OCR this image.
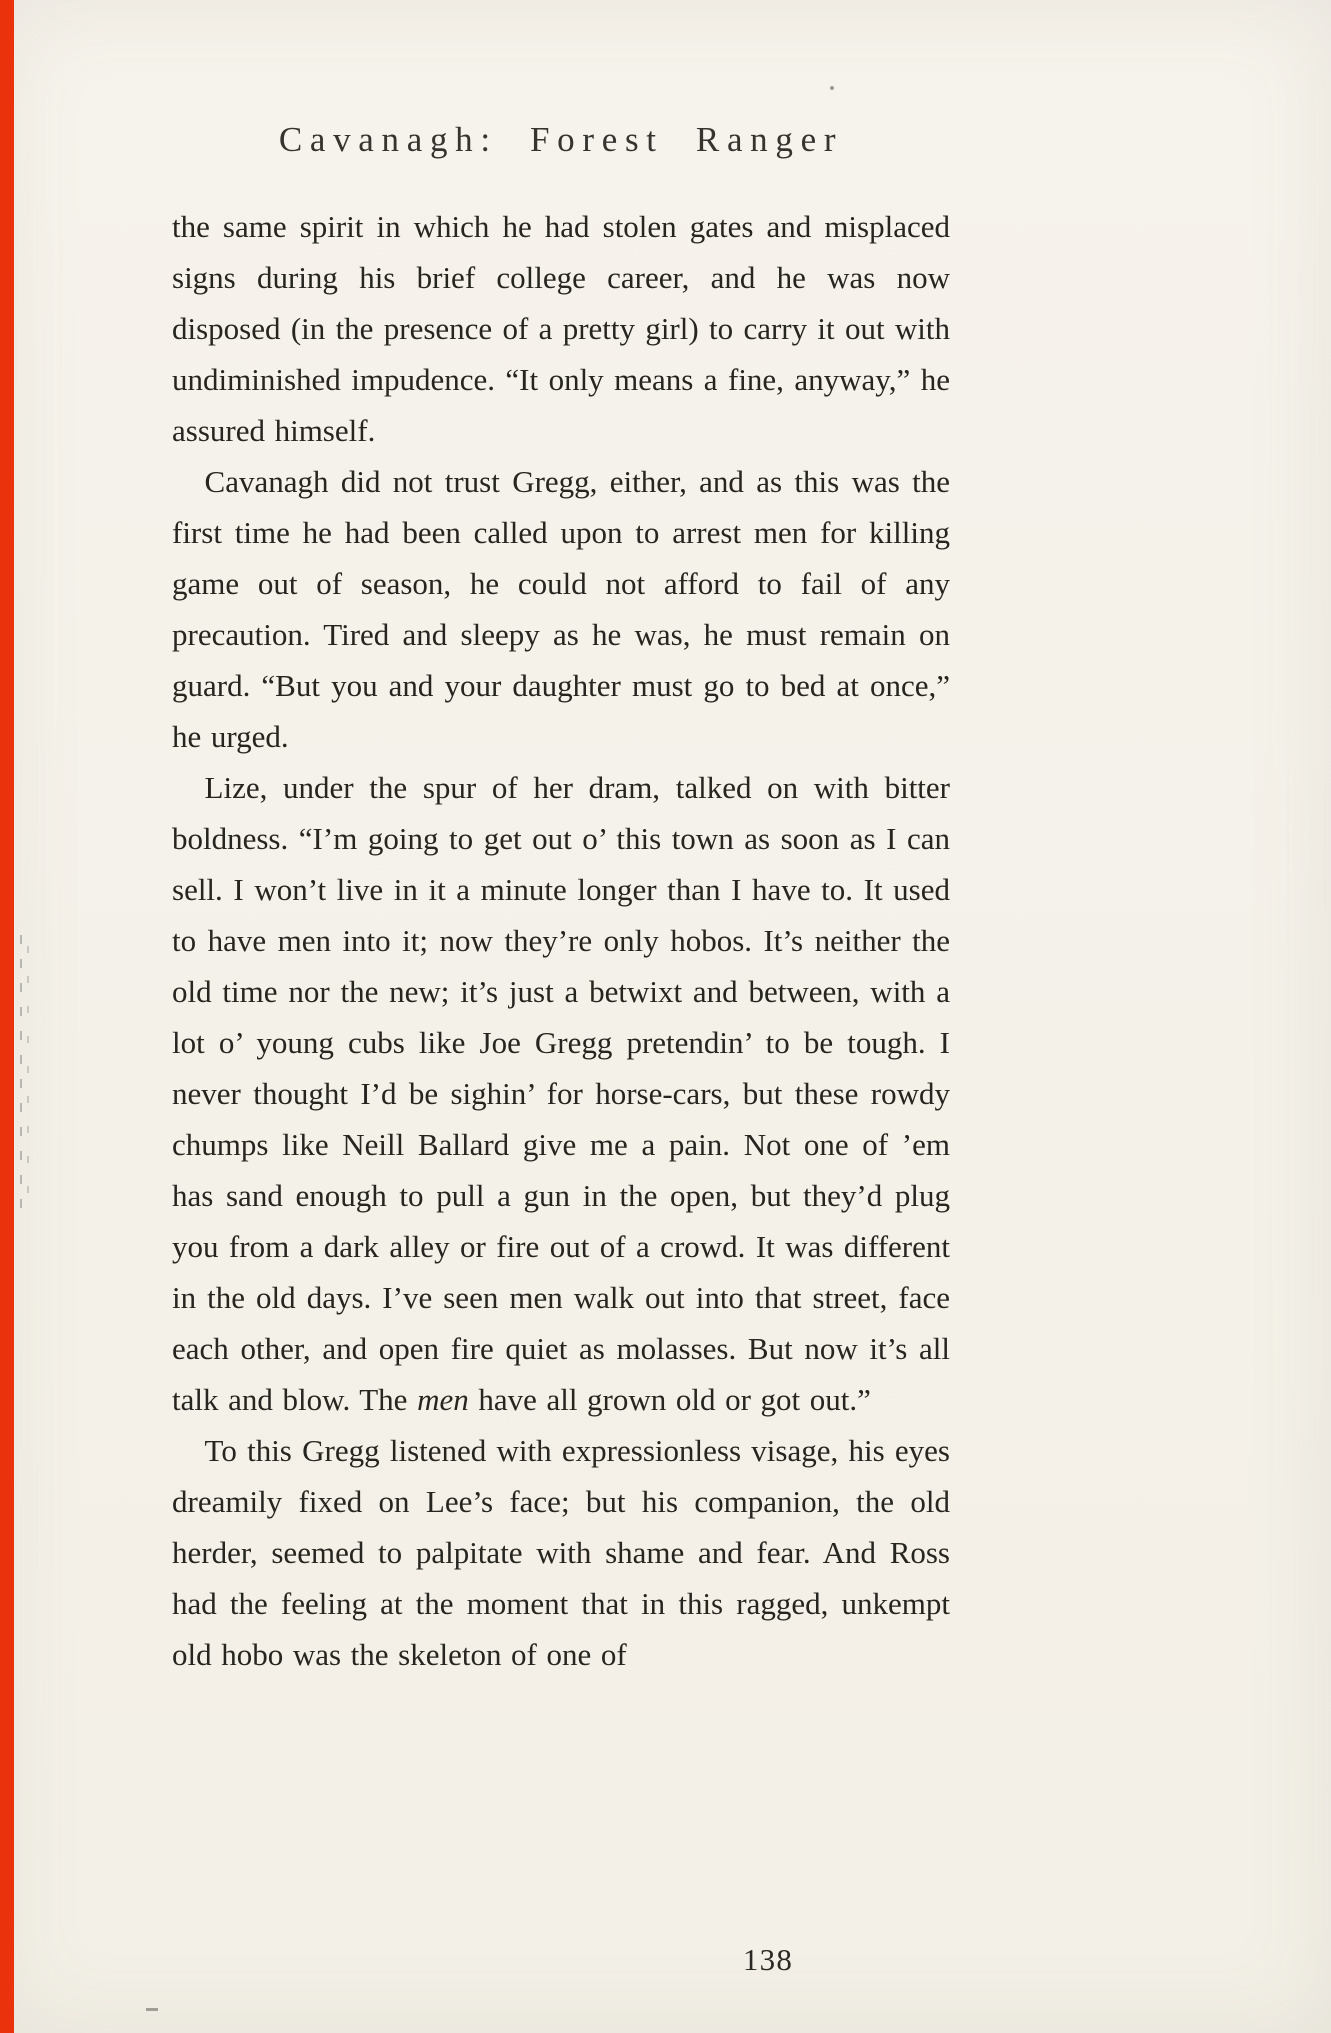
Cavanagh: Forest Ranger

the same spirit in which he had stolen gates and misplaced signs during his brief college career, and he was now disposed (in the presence of a pretty girl) to carry it out with undiminished impudence. “It only means a fine, anyway,” he assured himself.

Cavanagh did not trust Gregg, either, and as this was the first time he had been called upon to arrest men for killing game out of season, he could not afford to fail of any precaution. Tired and sleepy as he was, he must remain on guard. “But you and your daughter must go to bed at once,” he urged.

Lize, under the spur of her dram, talked on with bitter boldness. “I’m going to get out o’ this town as soon as I can sell. I won’t live in it a minute longer than I have to. It used to have men into it; now they’re only hobos. It’s neither the old time nor the new; it’s just a betwixt and between, with a lot o’ young cubs like Joe Gregg pretendin’ to be tough. I never thought I’d be sighin’ for horse-cars, but these rowdy chumps like Neill Ballard give me a pain. Not one of ’em has sand enough to pull a gun in the open, but they’d plug you from a dark alley or fire out of a crowd. It was different in the old days. I’ve seen men walk out into that street, face each other, and open fire quiet as molasses. But now it’s all talk and blow. The men have all grown old or got out.”

To this Gregg listened with expressionless visage, his eyes dreamily fixed on Lee’s face; but his companion, the old herder, seemed to palpitate with shame and fear. And Ross had the feeling at the moment that in this ragged, unkempt old hobo was the skeleton of one of

138
